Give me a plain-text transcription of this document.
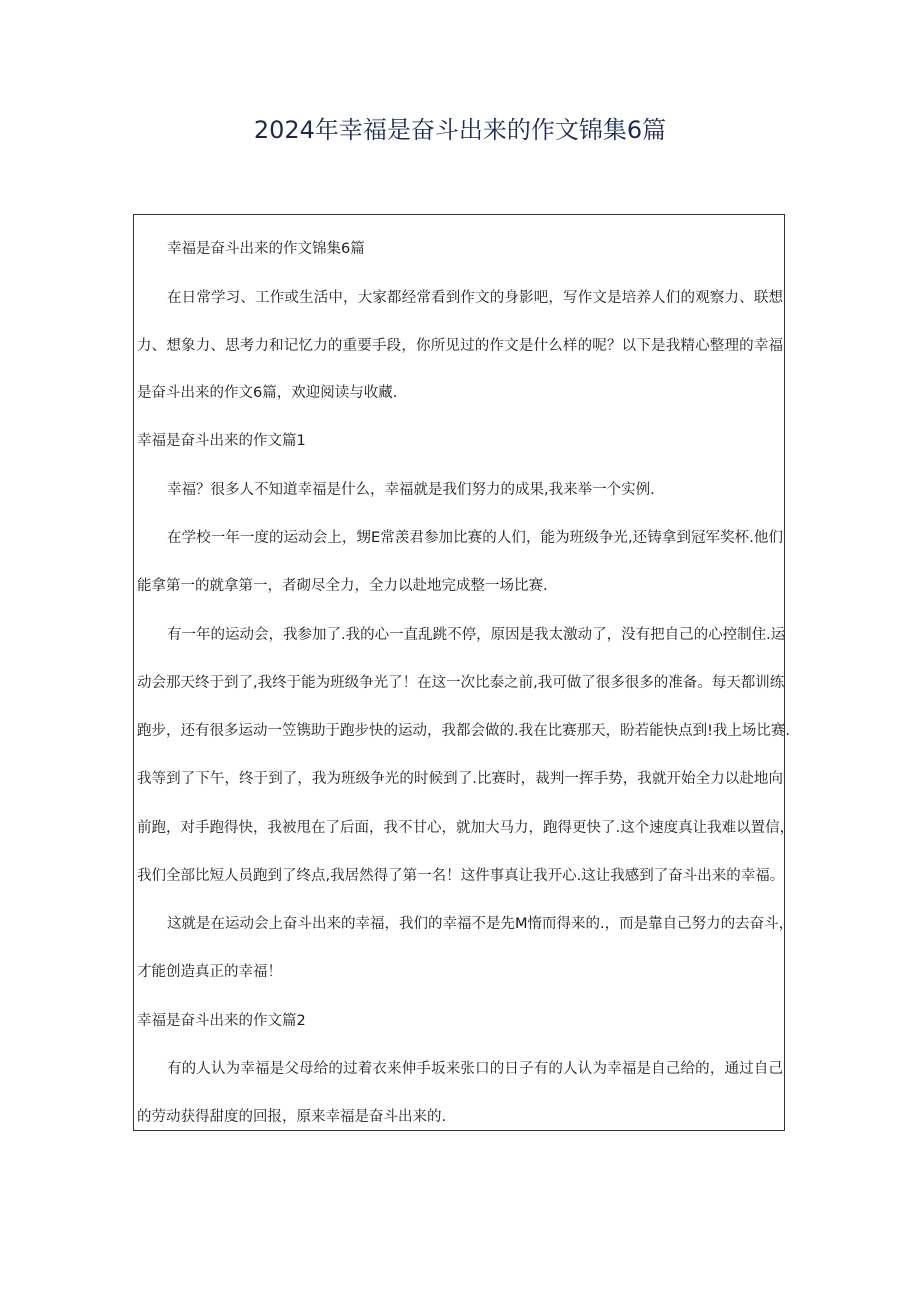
2024年幸福是奋斗出来的作文锦集6篇

幸福是奋斗出来的作文锦集6篇

在日常学习、工作或生活中，大家都经常看到作文的身影吧，写作文是培养人们的观察力、联想

力、想象力、思考力和记忆力的重要手段，你所见过的作文是什么样的呢？以下是我精心整理的幸福

是奋斗出来的作文6篇，欢迎阅读与收藏.

幸福是奋斗出来的作文篇1

幸福？很多人不知道幸福是什么，幸福就是我们努力的成果,我来举一个实例.

在学校一年一度的运动会上，甥E常羡君参加比赛的人们，能为班级争光,还铸拿到冠军奖杯.他们

能拿第一的就拿第一，者砌尽全力，全力以赴地完成整一场比赛.

有一年的运动会，我参加了.我的心一直乱跳不停，原因是我太激动了，没有把自己的心控制住.运

动会那天终于到了,我终于能为班级争光了！在这一次比泰之前,我可做了很多很多的准备。每天都训练

跑步，还有很多运动一笠镌助于跑步快的运动，我都会做的.我在比赛那天，盼若能快点到!我上场比赛.

我等到了下午，终于到了，我为班级争光的时候到了.比赛时，裁判一挥手势，我就开始全力以赴地向

前跑，对手跑得快，我被甩在了后面，我不甘心，就加大马力，跑得更快了.这个速度真让我难以置信，

我们全部比短人员跑到了终点,我居然得了第一名！这件事真让我开心.这让我感到了奋斗出来的幸福。

这就是在运动会上奋斗出来的幸福，我们的幸福不是先M惰而得来的.，而是靠自己努力的去奋斗，

才能创造真正的幸福！

幸福是奋斗出来的作文篇2

有的人认为幸福是父母给的过着衣来伸手坂来张口的日子有的人认为幸福是自己给的，通过自己

的劳动获得甜度的回报，原来幸福是奋斗出来的.
